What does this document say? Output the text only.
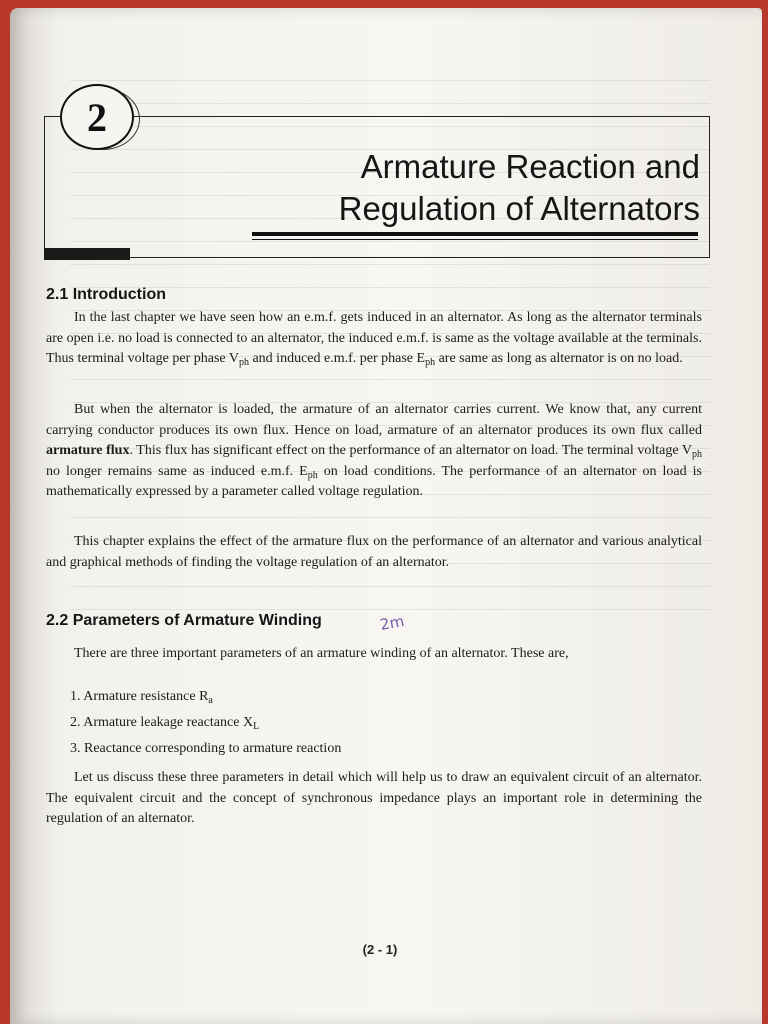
2
Armature Reaction and
Regulation of Alternators
2.1 Introduction

In the last chapter we have seen how an e.m.f. gets induced in an alternator. As long as the alternator terminals are open i.e. no load is connected to an alternator, the induced e.m.f. is same as the voltage available at the terminals. Thus terminal voltage per phase $V_{ph}$ and induced e.m.f. per phase $E_{ph}$ are same as long as alternator is on no load.

But when the alternator is loaded, the armature of an alternator carries current. We know that, any current carrying conductor produces its own flux. Hence on load, armature of an alternator produces its own flux called armature flux. This flux has significant effect on the performance of an alternator on load. The terminal voltage $V_{ph}$ no longer remains same as induced e.m.f. $E_{ph}$ on load conditions. The performance of an alternator on load is mathematically expressed by a parameter called voltage regulation.

This chapter explains the effect of the armature flux on the performance of an alternator and various analytical and graphical methods of finding the voltage regulation of an alternator.

2.2 Parameters of Armature Winding	2m

There are three important parameters of an armature winding of an alternator. These are,

1. Armature resistance $R_a$
2. Armature leakage reactance $X_L$
3. Reactance corresponding to armature reaction

Let us discuss these three parameters in detail which will help us to draw an equivalent circuit of an alternator. The equivalent circuit and the concept of synchronous impedance plays an important role in determining the regulation of an alternator.

(2 - 1)
